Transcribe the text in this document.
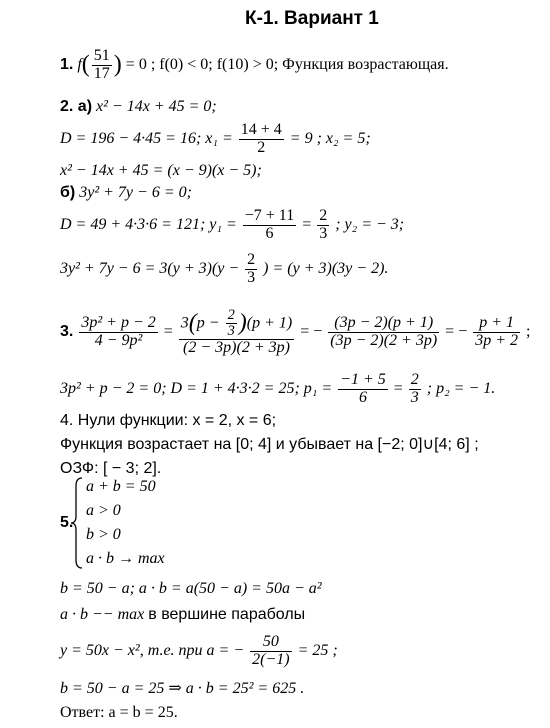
К-1. Вариант 1
1. $f( \frac{51}{17}$ ) = 0 ; f(0) < 0; f(10) > 0; Функция возрастающая.
2. а) x² − 14x + 45 = 0;
D = 196 − 4·45 = 16; $x_1 = \frac{14 + 4}{2} = 9$ ; x₂ = 5;
x² − 14x + 45 = (x − 9)(x − 5);
б) 3y² + 7y − 6 = 0;
D = 49 + 4·3·6 = 121; $y_1 = \frac{-7 + 11}{6} = \frac{2}{3}$ ; y₂ = − 3;
$3y^2 + 7y - 6 = 3(y + 3)(y - \frac{2}{3}$ ) = (y + 3)(3y − 2).
3. $\frac{\text{3p² + p − 2}}{\text{4 − 9p²}} = \frac{3(p - \frac{2}{3} )(p + 1)}{(2 - 3p)(2 + 3p)}$ = − $\frac{(3p - 2)(p + 1)}{(3p - 2)(2 + 3p)}$ = − $\frac{p + 1}{3p + 2}$ ;
3p² + p − 2 = 0; D = 1 + 4·3·2 = 25; $p_1 = \frac{-1 + 5}{6} = \frac{2}{3}$ ; p₂ = − 1.
4. Нули функции: x = 2, x = 6;
Функция возрастает на [0; 4] и убывает на [−2; 0]∪[4; 6] ;
ОЗФ: [ − 3; 2].
5.
a + b = 50
a > 0
b > 0
a · b → max
b = 50 − a; a · b = a(50 − a) = 50a − a²
a · b −− max в вершине параболы
y = 50x − x², т.е. при a = − $\frac{50}{2(-1)} = 25$ ;
b = 50 − a = 25 ⇒ a · b = 25² = 625 .
Ответ: a = b = 25.
